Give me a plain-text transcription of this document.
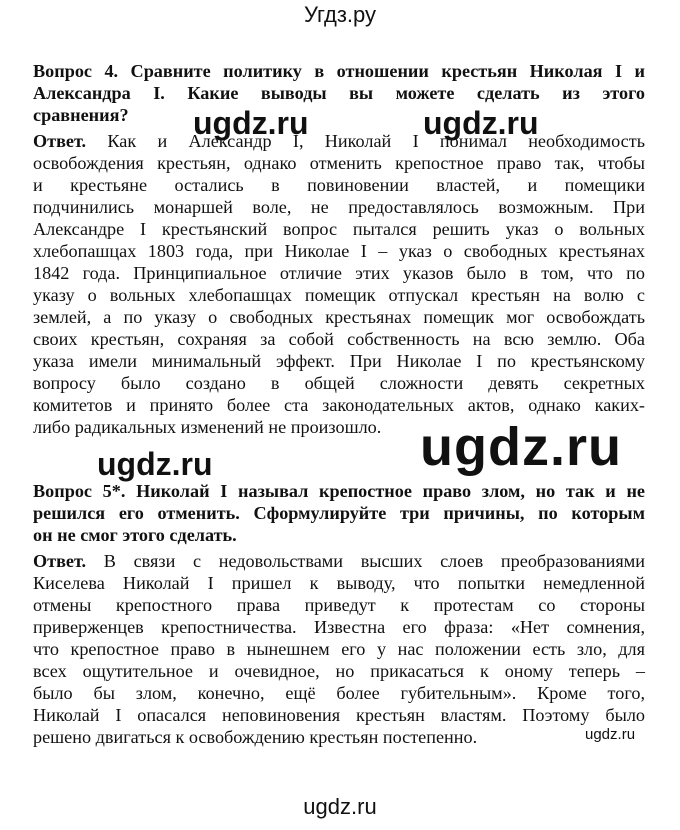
Угдз.ру
Вопрос 4. Сравните политику в отношении крестьян Николая I и
Александра I. Какие выводы вы можете сделать из этого
сравнения?
Ответ. Как и Александр I, Николай I понимал необходимость
освобождения крестьян, однако отменить крепостное право так, чтобы
и крестьяне остались в повиновении властей, и помещики
подчинились монаршей воле, не предоставлялось возможным. При
Александре I крестьянский вопрос пытался решить указ о вольных
хлебопашцах 1803 года, при Николае I – указ о свободных крестьянах
1842 года. Принципиальное отличие этих указов было в том, что по
указу о вольных хлебопашцах помещик отпускал крестьян на волю с
землей, а по указу о свободных крестьянах помещик мог освобождать
своих крестьян, сохраняя за собой собственность на всю землю. Оба
указа имели минимальный эффект. При Николае I по крестьянскому
вопросу было создано в общей сложности девять секретных
комитетов и принято более ста законодательных актов, однако каких-
либо радикальных изменений не произошло.
Вопрос 5*. Николай I называл крепостное право злом, но так и не
решился его отменить. Сформулируйте три причины, по которым
он не смог этого сделать.
Ответ. В связи с недовольствами высших слоев преобразованиями
Киселева Николай I пришел к выводу, что попытки немедленной
отмены крепостного права приведут к протестам со стороны
приверженцев крепостничества. Известна его фраза: «Нет сомнения,
что крепостное право в нынешнем его у нас положении есть зло, для
всех ощутительное и очевидное, но прикасаться к оному теперь –
было бы злом, конечно, ещё более губительным». Кроме того,
Николай I опасался неповиновения крестьян властям. Поэтому было
решено двигаться к освобождению крестьян постепенно.
ugdz.ru	ugdz.ru
ugdz.ru
ugdz.ru
ugdz.ru
ugdz.ru
